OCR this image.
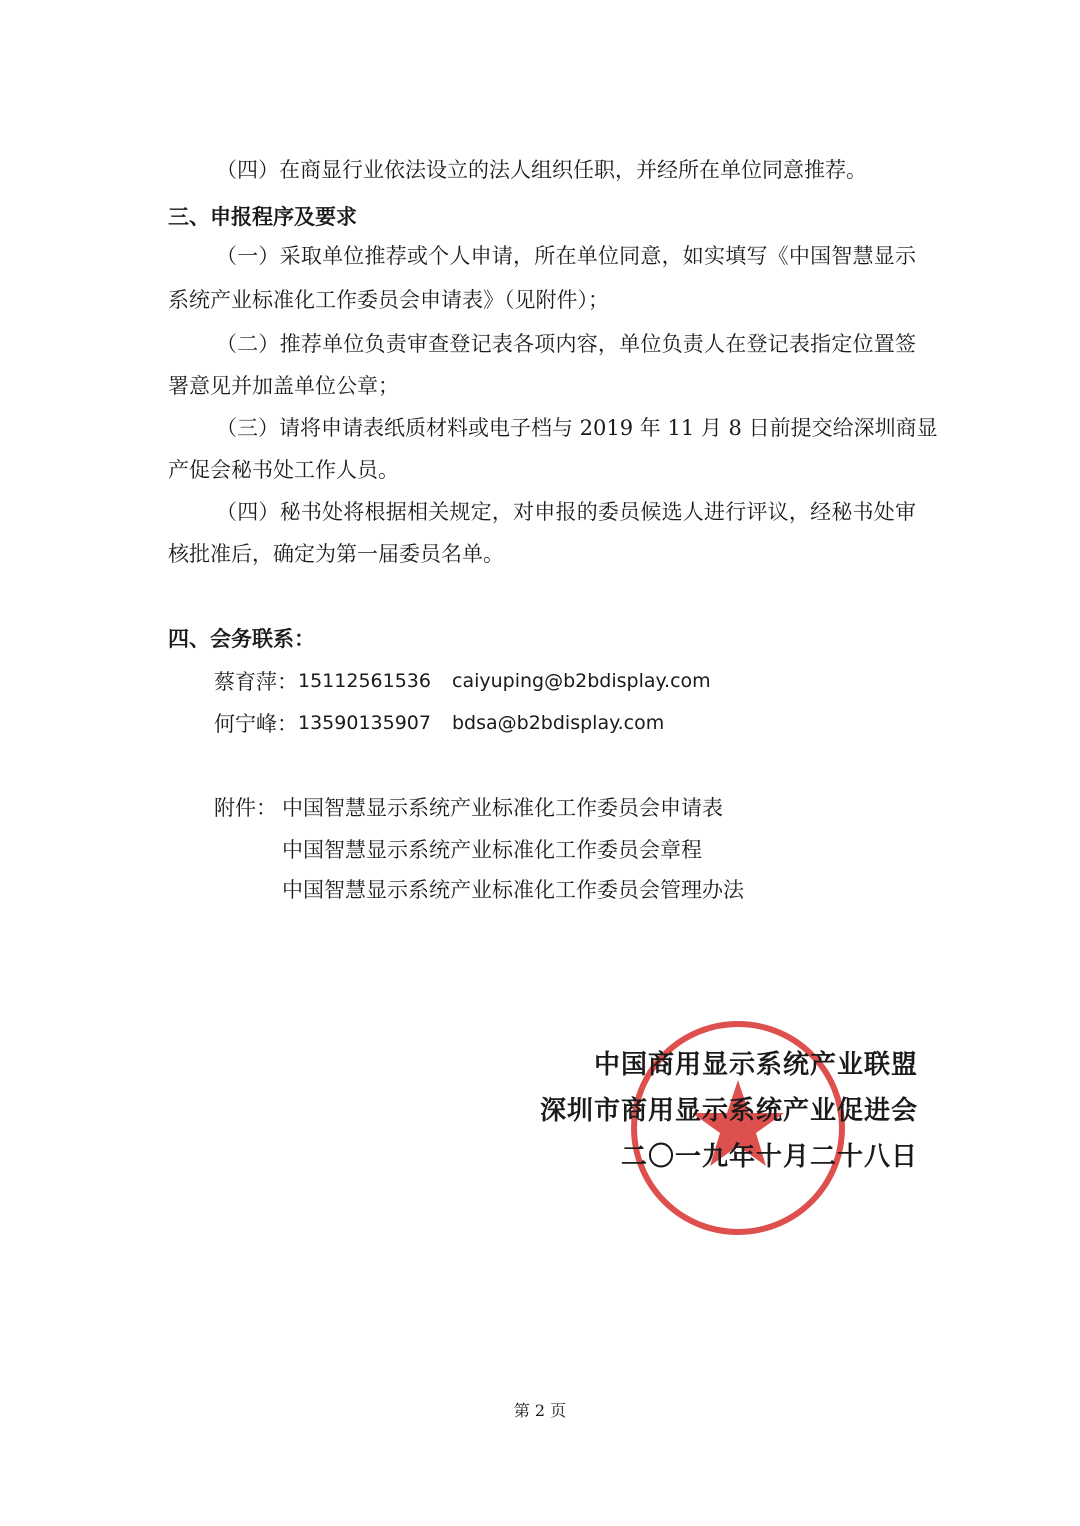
（四）在商显行业依法设立的法人组织任职，并经所在单位同意推荐。
三、申报程序及要求
（一）采取单位推荐或个人申请，所在单位同意，如实填写《中国智慧显示
系统产业标准化工作委员会申请表》（见附件）；
（二）推荐单位负责审查登记表各项内容，单位负责人在登记表指定位置签
署意见并加盖单位公章；
（三）请将申请表纸质材料或电子档与 2019 年 11 月 8 日前提交给深圳商显
产促会秘书处工作人员。
（四）秘书处将根据相关规定，对申报的委员候选人进行评议，经秘书处审
核批准后，确定为第一届委员名单。
四、会务联系：
蔡育萍： 15112561536 caiyuping@b2bdisplay.com
何宁峰： 13590135907 bdsa@b2bdisplay.com
附件： 中国智慧显示系统产业标准化工作委员会申请表
中国智慧显示系统产业标准化工作委员会章程
中国智慧显示系统产业标准化工作委员会管理办法
中国商用显示系统产业联盟
深圳市商用显示系统产业促进会
二〇一九年十月二十八日
第 2 页
